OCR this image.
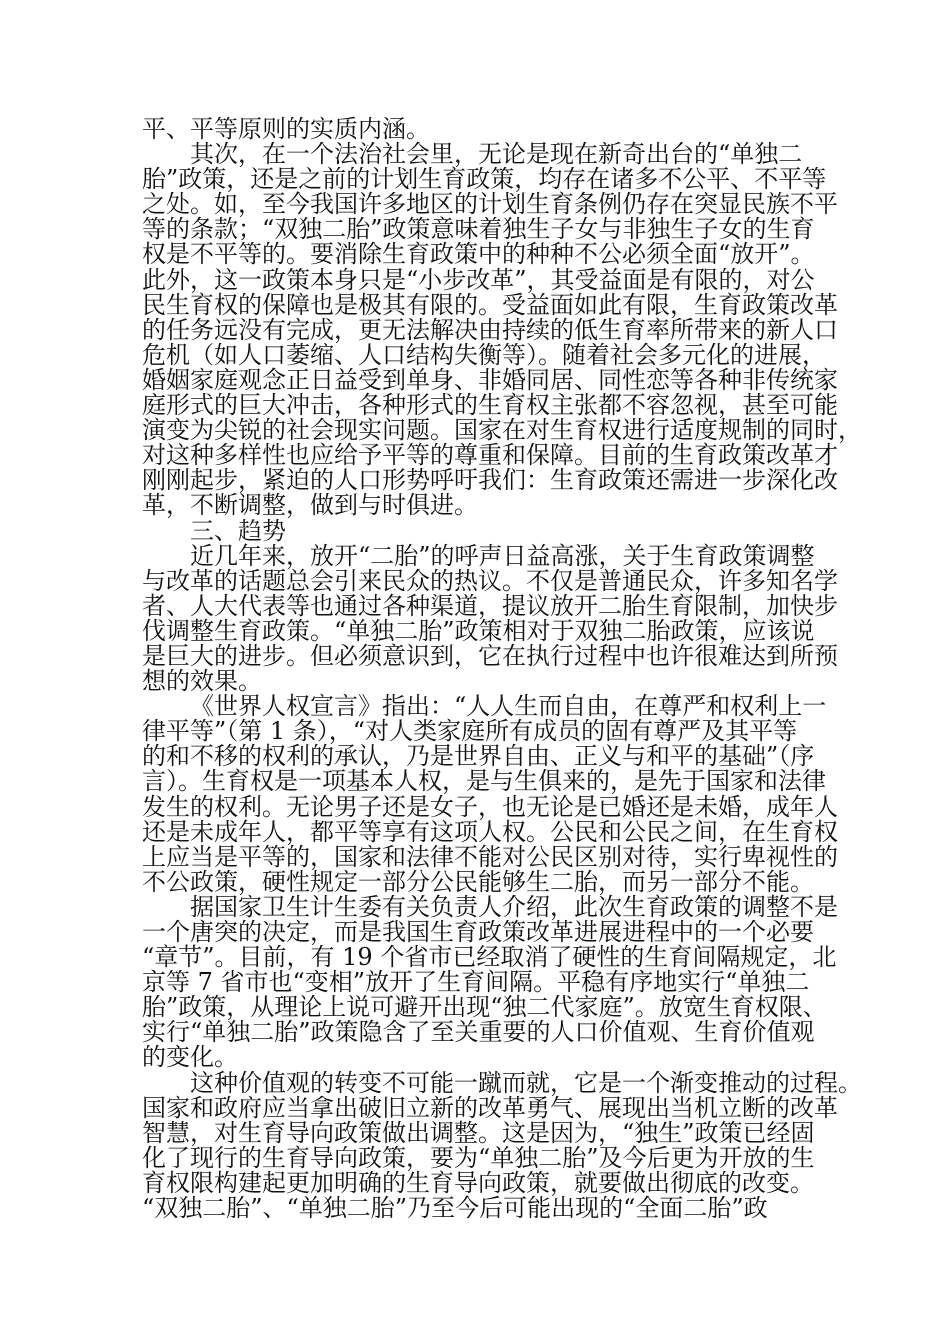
平、平等原则的实质内涵。
其次，在一个法治社会里，无论是现在新奇出台的“单独二
胎”政策，还是之前的计划生育政策，均存在诸多不公平、不平等
之处。如，至今我国许多地区的计划生育条例仍存在突显民族不平
等的条款；“双独二胎”政策意味着独生子女与非独生子女的生育
权是不平等的。要消除生育政策中的种种不公必须全面“放开”。
此外，这一政策本身只是“小步改革”，其受益面是有限的，对公
民生育权的保障也是极其有限的。受益面如此有限，生育政策改革
的任务远没有完成，更无法解决由持续的低生育率所带来的新人口
危机（如人口萎缩、人口结构失衡等）。随着社会多元化的进展，
婚姻家庭观念正日益受到单身、非婚同居、同性恋等各种非传统家
庭形式的巨大冲击，各种形式的生育权主张都不容忽视，甚至可能
演变为尖锐的社会现实问题。国家在对生育权进行适度规制的同时，
对这种多样性也应给予平等的尊重和保障。目前的生育政策改革才
刚刚起步，紧迫的人口形势呼吁我们：生育政策还需进一步深化改
革，不断调整，做到与时俱进。
三、趋势
近几年来，放开“二胎”的呼声日益高涨，关于生育政策调整
与改革的话题总会引来民众的热议。不仅是普通民众，许多知名学
者、人大代表等也通过各种渠道，提议放开二胎生育限制，加快步
伐调整生育政策。“单独二胎”政策相对于双独二胎政策，应该说
是巨大的进步。但必须意识到，它在执行过程中也许很难达到所预
想的效果。
《世界人权宣言》指出：“人人生而自由，在尊严和权利上一
律平等”（第 1 条），“对人类家庭所有成员的固有尊严及其平等
的和不移的权利的承认，乃是世界自由、正义与和平的基础”（序
言）。生育权是一项基本人权，是与生俱来的，是先于国家和法律
发生的权利。无论男子还是女子，也无论是已婚还是未婚，成年人
还是未成年人，都平等享有这项人权。公民和公民之间，在生育权
上应当是平等的，国家和法律不能对公民区别对待，实行卑视性的
不公政策，硬性规定一部分公民能够生二胎，而另一部分不能。
据国家卫生计生委有关负责人介绍，此次生育政策的调整不是
一个唐突的决定，而是我国生育政策改革进展进程中的一个必要
“章节”。目前，有 19 个省市已经取消了硬性的生育间隔规定，北
京等 7 省市也“变相”放开了生育间隔。平稳有序地实行“单独二
胎”政策，从理论上说可避开出现“独二代家庭”。放宽生育权限、
实行“单独二胎”政策隐含了至关重要的人口价值观、生育价值观
的变化。
这种价值观的转变不可能一蹴而就，它是一个渐变推动的过程。
国家和政府应当拿出破旧立新的改革勇气、展现出当机立断的改革
智慧，对生育导向政策做出调整。这是因为，“独生”政策已经固
化了现行的生育导向政策，要为“单独二胎”及今后更为开放的生
育权限构建起更加明确的生育导向政策，就要做出彻底的改变。
“双独二胎”、“单独二胎”乃至今后可能出现的“全面二胎”政
